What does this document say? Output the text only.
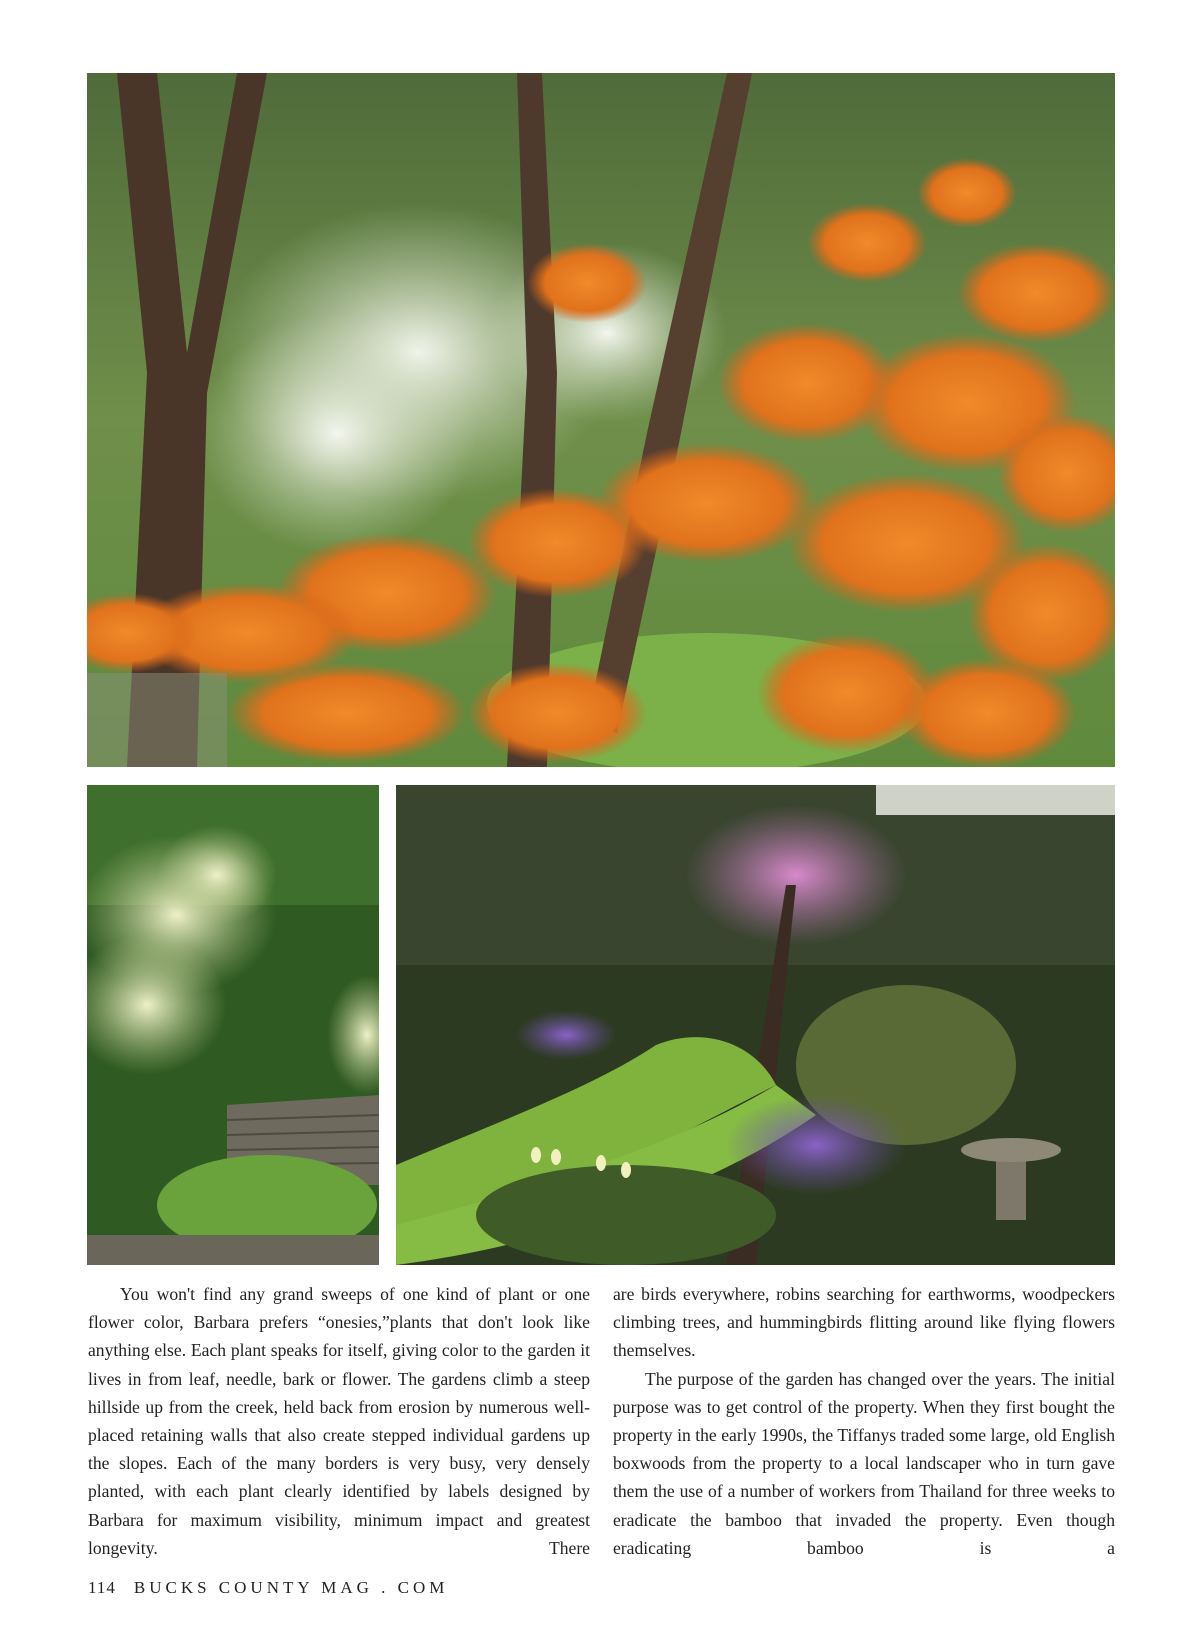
You won't find any grand sweeps of one kind of plant or one flower color, Barbara prefers “onesies,”plants that don't look like anything else. Each plant speaks for itself, giving color to the garden it lives in from leaf, needle, bark or flower. The gardens climb a steep hillside up from the creek, held back from erosion by numerous well-placed retaining walls that also create stepped individual gardens up the slopes. Each of the many borders is very busy, very densely planted, with each plant clearly identified by labels designed by Barbara for maximum visibility, minimum impact and greatest longevity. There

are birds everywhere, robins searching for earthworms, woodpeckers climbing trees, and hummingbirds flitting around like flying flowers themselves.

The purpose of the garden has changed over the years. The initial purpose was to get control of the property. When they first bought the property in the early 1990s, the Tiffanys traded some large, old English boxwoods from the property to a local landscaper who in turn gave them the use of a number of workers from Thailand for three weeks to eradicate the bamboo that invaded the property. Even though eradicating bamboo is a

114 BUCKS COUNTY MAG . COM
